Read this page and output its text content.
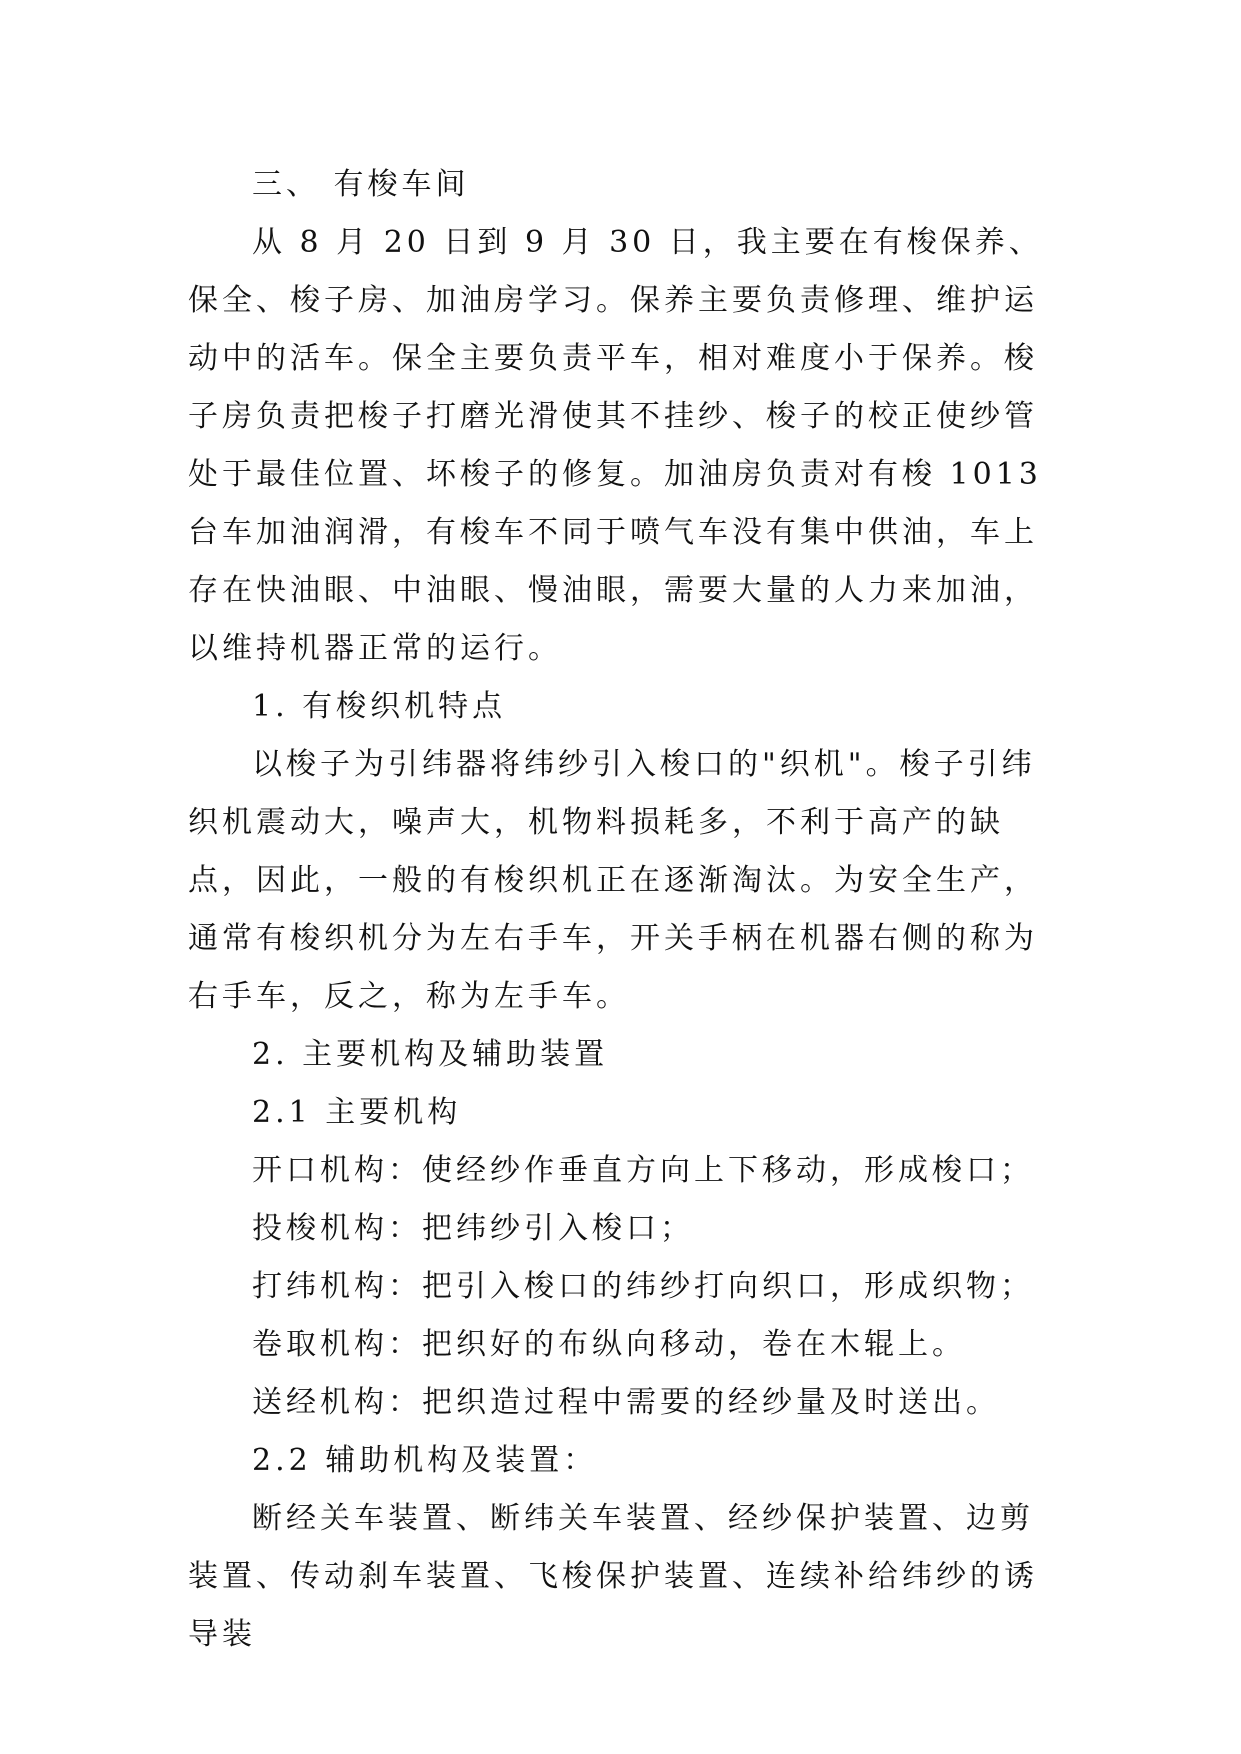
三、 有梭车间

从 8 月 20 日到 9 月 30 日，我主要在有梭保养、保全、梭子房、加油房学习。保养主要负责修理、维护运动中的活车。保全主要负责平车，相对难度小于保养。梭子房负责把梭子打磨光滑使其不挂纱、梭子的校正使纱管处于最佳位置、坏梭子的修复。加油房负责对有梭 1013 台车加油润滑，有梭车不同于喷气车没有集中供油，车上存在快油眼、中油眼、慢油眼，需要大量的人力来加油，以维持机器正常的运行。

1. 有梭织机特点

以梭子为引纬器将纬纱引入梭口的"织机"。梭子引纬织机震动大，噪声大，机物料损耗多，不利于高产的缺点，因此，一般的有梭织机正在逐渐淘汰。为安全生产，通常有梭织机分为左右手车，开关手柄在机器右侧的称为右手车，反之，称为左手车。

2. 主要机构及辅助装置

2.1 主要机构

开口机构：使经纱作垂直方向上下移动，形成梭口；

投梭机构：把纬纱引入梭口；

打纬机构：把引入梭口的纬纱打向织口，形成织物；

卷取机构：把织好的布纵向移动，卷在木辊上。

送经机构：把织造过程中需要的经纱量及时送出。

2.2 辅助机构及装置：

断经关车装置、断纬关车装置、经纱保护装置、边剪装置、传动刹车装置、飞梭保护装置、连续补给纬纱的诱导装
